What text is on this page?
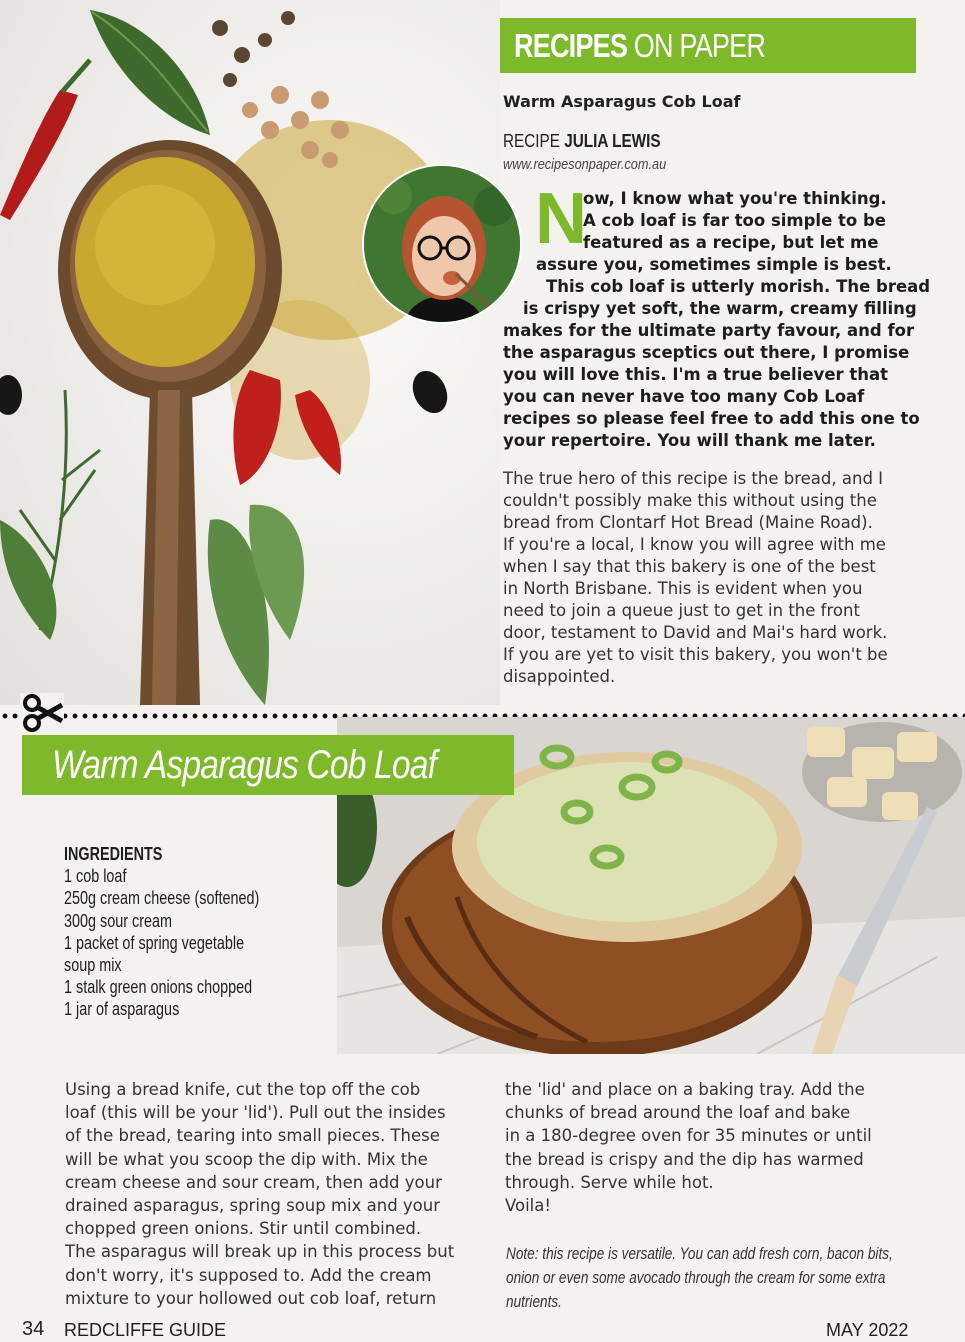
RECIPES ON PAPER
Warm Asparagus Cob Loaf
RECIPE JULIA LEWIS
www.recipesonpaper.com.au
N
ow, I know what you're thinking.
A cob loaf is far too simple to be
featured as a recipe, but let me
assure you, sometimes simple is best.
This cob loaf is utterly morish. The bread
is crispy yet soft, the warm, creamy filling
makes for the ultimate party favour, and for
the asparagus sceptics out there, I promise
you will love this. I'm a true believer that
you can never have too many Cob Loaf
recipes so please feel free to add this one to
your repertoire. You will thank me later.
The true hero of this recipe is the bread, and I
couldn't possibly make this without using the
bread from Clontarf Hot Bread (Maine Road).
If you're a local, I know you will agree with me
when I say that this bakery is one of the best
in North Brisbane. This is evident when you
need to join a queue just to get in the front
door, testament to David and Mai's hard work.
If you are yet to visit this bakery, you won't be
disappointed.
Warm Asparagus Cob Loaf
INGREDIENTS
1 cob loaf
250g cream cheese (softened)
300g sour cream
1 packet of spring vegetable
soup mix
1 stalk green onions chopped
1 jar of asparagus
Using a bread knife, cut the top off the cob
loaf (this will be your 'lid'). Pull out the insides
of the bread, tearing into small pieces. These
will be what you scoop the dip with. Mix the
cream cheese and sour cream, then add your
drained asparagus, spring soup mix and your
chopped green onions. Stir until combined.
The asparagus will break up in this process but
don't worry, it's supposed to. Add the cream
mixture to your hollowed out cob loaf, return
the 'lid' and place on a baking tray. Add the
chunks of bread around the loaf and bake
in a 180-degree oven for 35 minutes or until
the bread is crispy and the dip has warmed
through. Serve while hot.
Voila!
Note: this recipe is versatile. You can add fresh corn, bacon bits,
onion or even some avocado through the cream for some extra
nutrients.
34 REDCLIFFE GUIDE	MAY 2022
